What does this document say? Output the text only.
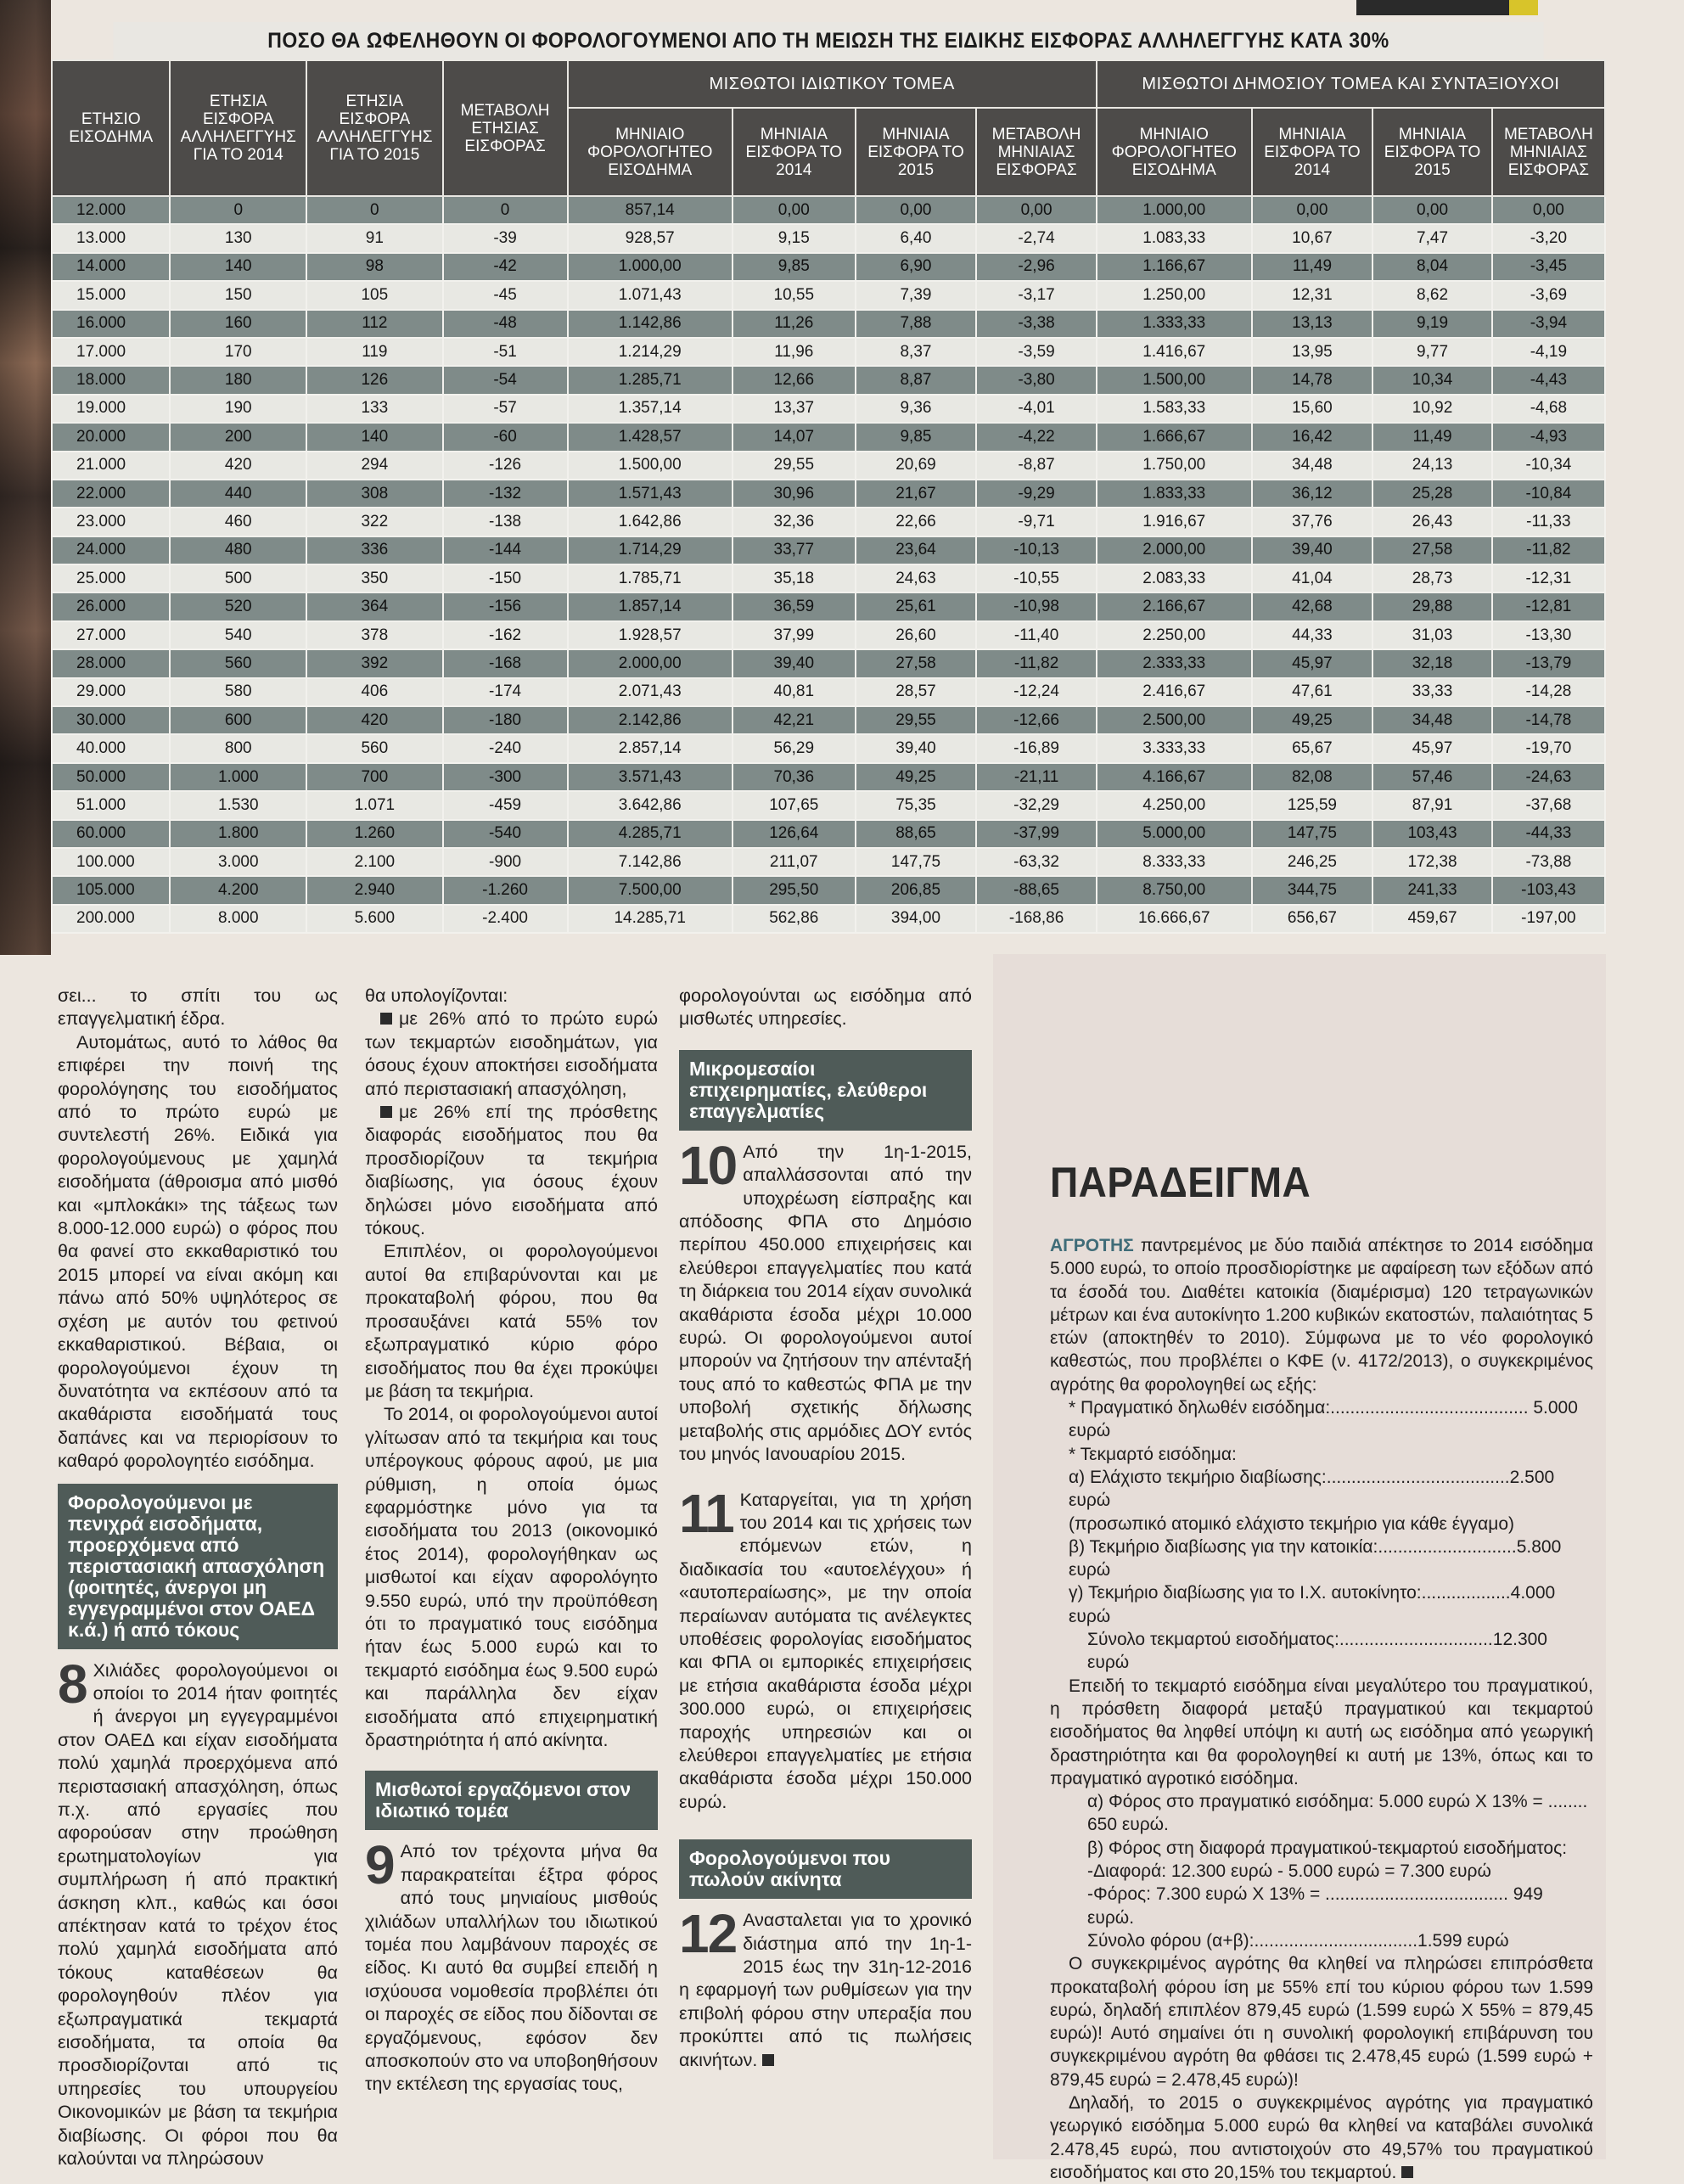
ΠΟΣΟ ΘΑ ΩΦΕΛΗΘΟΥΝ ΟΙ ΦΟΡΟΛΟΓΟΥΜΕΝΟΙ ΑΠΟ ΤΗ ΜΕΙΩΣΗ ΤΗΣ ΕΙΔΙΚΗΣ ΕΙΣΦΟΡΑΣ ΑΛΛΗΛΕΓΓΥΗΣ ΚΑΤΑ 30%
ΕΤΗΣΙΟ ΕΙΣΟΔΗΜΑ	ΕΤΗΣΙΑ ΕΙΣΦΟΡΑ ΑΛΛΗΛΕΓΓΥΗΣ ΓΙΑ ΤΟ 2014	ΕΤΗΣΙΑ ΕΙΣΦΟΡΑ ΑΛΛΗΛΕΓΓΥΗΣ ΓΙΑ ΤΟ 2015	ΜΕΤΑΒΟΛΗ ΕΤΗΣΙΑΣ ΕΙΣΦΟΡΑΣ	ΜΙΣΘΩΤΟΙ ΙΔΙΩΤΙΚΟΥ ΤΟΜΕΑ				ΜΙΣΘΩΤΟΙ ΔΗΜΟΣΙΟΥ ΤΟΜΕΑ ΚΑΙ ΣΥΝΤΑΞΙΟΥΧΟΙ			
				ΜΗΝΙΑΙΟ ΦΟΡΟΛΟΓΗΤΕΟ ΕΙΣΟΔΗΜΑ	ΜΗΝΙΑΙΑ ΕΙΣΦΟΡΑ ΤΟ 2014	ΜΗΝΙΑΙΑ ΕΙΣΦΟΡΑ ΤΟ 2015	ΜΕΤΑΒΟΛΗ ΜΗΝΙΑΙΑΣ ΕΙΣΦΟΡΑΣ	ΜΗΝΙΑΙΟ ΦΟΡΟΛΟΓΗΤΕΟ ΕΙΣΟΔΗΜΑ	ΜΗΝΙΑΙΑ ΕΙΣΦΟΡΑ ΤΟ 2014	ΜΗΝΙΑΙΑ ΕΙΣΦΟΡΑ ΤΟ 2015	ΜΕΤΑΒΟΛΗ ΜΗΝΙΑΙΑΣ ΕΙΣΦΟΡΑΣ
12.000	0	0	0	857,14	0,00	0,00	0,00	1.000,00	0,00	0,00	0,00
13.000	130	91	-39	928,57	9,15	6,40	-2,74	1.083,33	10,67	7,47	-3,20
14.000	140	98	-42	1.000,00	9,85	6,90	-2,96	1.166,67	11,49	8,04	-3,45
15.000	150	105	-45	1.071,43	10,55	7,39	-3,17	1.250,00	12,31	8,62	-3,69
16.000	160	112	-48	1.142,86	11,26	7,88	-3,38	1.333,33	13,13	9,19	-3,94
17.000	170	119	-51	1.214,29	11,96	8,37	-3,59	1.416,67	13,95	9,77	-4,19
18.000	180	126	-54	1.285,71	12,66	8,87	-3,80	1.500,00	14,78	10,34	-4,43
19.000	190	133	-57	1.357,14	13,37	9,36	-4,01	1.583,33	15,60	10,92	-4,68
20.000	200	140	-60	1.428,57	14,07	9,85	-4,22	1.666,67	16,42	11,49	-4,93
21.000	420	294	-126	1.500,00	29,55	20,69	-8,87	1.750,00	34,48	24,13	-10,34
22.000	440	308	-132	1.571,43	30,96	21,67	-9,29	1.833,33	36,12	25,28	-10,84
23.000	460	322	-138	1.642,86	32,36	22,66	-9,71	1.916,67	37,76	26,43	-11,33
24.000	480	336	-144	1.714,29	33,77	23,64	-10,13	2.000,00	39,40	27,58	-11,82
25.000	500	350	-150	1.785,71	35,18	24,63	-10,55	2.083,33	41,04	28,73	-12,31
26.000	520	364	-156	1.857,14	36,59	25,61	-10,98	2.166,67	42,68	29,88	-12,81
27.000	540	378	-162	1.928,57	37,99	26,60	-11,40	2.250,00	44,33	31,03	-13,30
28.000	560	392	-168	2.000,00	39,40	27,58	-11,82	2.333,33	45,97	32,18	-13,79
29.000	580	406	-174	2.071,43	40,81	28,57	-12,24	2.416,67	47,61	33,33	-14,28
30.000	600	420	-180	2.142,86	42,21	29,55	-12,66	2.500,00	49,25	34,48	-14,78
40.000	800	560	-240	2.857,14	56,29	39,40	-16,89	3.333,33	65,67	45,97	-19,70
50.000	1.000	700	-300	3.571,43	70,36	49,25	-21,11	4.166,67	82,08	57,46	-24,63
51.000	1.530	1.071	-459	3.642,86	107,65	75,35	-32,29	4.250,00	125,59	87,91	-37,68
60.000	1.800	1.260	-540	4.285,71	126,64	88,65	-37,99	5.000,00	147,75	103,43	-44,33
100.000	3.000	2.100	-900	7.142,86	211,07	147,75	-63,32	8.333,33	246,25	172,38	-73,88
105.000	4.200	2.940	-1.260	7.500,00	295,50	206,85	-88,65	8.750,00	344,75	241,33	-103,43
200.000	8.000	5.600	-2.400	14.285,71	562,86	394,00	-168,86	16.666,67	656,67	459,67	-197,00

σει... το σπίτι του ως επαγγελματική έδρα.

Αυτομάτως, αυτό το λάθος θα επιφέρει την ποινή της φορολόγησης του εισοδήματος από το πρώτο ευρώ με συντελεστή 26%. Ειδικά για φορολογούμενους με χαμηλά εισοδήματα (άθροισμα από μισθό και «μπλοκάκι» της τάξεως των 8.000-12.000 ευρώ) ο φόρος που θα φανεί στο εκκαθαριστικό του 2015 μπορεί να είναι ακόμη και πάνω από 50% υψηλότερος σε σχέση με αυτόν του φετινού εκκαθαριστικού. Βέβαια, οι φορολογούμενοι έχουν τη δυνατότητα να εκπέσουν από τα ακαθάριστα εισοδήματά τους δαπάνες και να περιορίσουν το καθαρό φορολογητέο εισόδημα.

Φορολογούμενοι με πενιχρά εισοδήματα, προερχόμενα από περιστασιακή απασχόληση (φοιτητές, άνεργοι μη εγγεγραμμένοι στον ΟΑΕΔ κ.ά.) ή από τόκους

8 Χιλιάδες φορολογούμενοι οι οποίοι το 2014 ήταν φοιτητές ή άνεργοι μη εγγεγραμμένοι στον ΟΑΕΔ και είχαν εισοδήματα πολύ χαμηλά προερχόμενα από περιστασιακή απασχόληση, όπως π.χ. από εργασίες που αφορούσαν στην προώθηση ερωτηματολογίων για συμπλήρωση ή από πρακτική άσκηση κλπ., καθώς και όσοι απέκτησαν κατά το τρέχον έτος πολύ χαμηλά εισοδήματα από τόκους καταθέσεων θα φορολογηθούν πλέον για εξωπραγματικά τεκμαρτά εισοδήματα, τα οποία θα προσδιορίζονται από τις υπηρεσίες του υπουργείου Οικονομικών με βάση τα τεκμήρια διαβίωσης. Οι φόροι που θα καλούνται να πληρώσουν

θα υπολογίζονται:

με 26% από το πρώτο ευρώ των τεκμαρτών εισοδημάτων, για όσους έχουν αποκτήσει εισοδήματα από περιστασιακή απασχόληση,

με 26% επί της πρόσθετης διαφοράς εισοδήματος που θα προσδιορίζουν τα τεκμήρια διαβίωσης, για όσους έχουν δηλώσει μόνο εισοδήματα από τόκους.

Επιπλέον, οι φορολογούμενοι αυτοί θα επιβαρύνονται και με προκαταβολή φόρου, που θα προσαυξάνει κατά 55% τον εξωπραγματικό κύριο φόρο εισοδήματος που θα έχει προκύψει με βάση τα τεκμήρια.

Το 2014, οι φορολογούμενοι αυτοί γλίτωσαν από τα τεκμήρια και τους υπέρογκους φόρους αφού, με μια ρύθμιση, η οποία όμως εφαρμόστηκε μόνο για τα εισοδήματα του 2013 (οικονομικό έτος 2014), φορολογήθηκαν ως μισθωτοί και είχαν αφορολόγητο 9.550 ευρώ, υπό την προϋπόθεση ότι το πραγματικό τους εισόδημα ήταν έως 5.000 ευρώ και το τεκμαρτό εισόδημα έως 9.500 ευρώ και παράλληλα δεν είχαν εισοδήματα από επιχειρηματική δραστηριότητα ή από ακίνητα.

Μισθωτοί εργαζόμενοι στον ιδιωτικό τομέα

9 Από τον τρέχοντα μήνα θα παρακρατείται έξτρα φόρος από τους μηνιαίους μισθούς χιλιάδων υπαλλήλων του ιδιωτικού τομέα που λαμβάνουν παροχές σε είδος. Κι αυτό θα συμβεί επειδή η ισχύουσα νομοθεσία προβλέπει ότι οι παροχές σε είδος που δίδονται σε εργαζόμενους, εφόσον δεν αποσκοπούν στο να υποβοηθήσουν την εκτέλεση της εργασίας τους,

φορολογούνται ως εισόδημα από μισθωτές υπηρεσίες.

Μικρομεσαίοι επιχειρηματίες, ελεύθεροι επαγγελματίες

10 Από την 1η-1-2015, απαλλάσσονται από την υποχρέωση είσπραξης και απόδοσης ΦΠΑ στο Δημόσιο περίπου 450.000 επιχειρήσεις και ελεύθεροι επαγγελματίες που κατά τη διάρκεια του 2014 είχαν συνολικά ακαθάριστα έσοδα μέχρι 10.000 ευρώ. Οι φορολογούμενοι αυτοί μπορούν να ζητήσουν την απένταξή τους από το καθεστώς ΦΠΑ με την υποβολή σχετικής δήλωσης μεταβολής στις αρμόδιες ΔΟΥ εντός του μηνός Ιανουαρίου 2015.

11 Καταργείται, για τη χρήση του 2014 και τις χρήσεις των επόμενων ετών, η διαδικασία του «αυτοελέγχου» ή «αυτοπεραίωσης», με την οποία περαίωναν αυτόματα τις ανέλεγκτες υποθέσεις φορολογίας εισοδήματος και ΦΠΑ οι εμπορικές επιχειρήσεις με ετήσια ακαθάριστα έσοδα μέχρι 300.000 ευρώ, οι επιχειρήσεις παροχής υπηρεσιών και οι ελεύθεροι επαγγελματίες με ετήσια ακαθάριστα έσοδα μέχρι 150.000 ευρώ.

Φορολογούμενοι που πωλούν ακίνητα

12 Ανασταλεται για το χρονικό διάστημα από την 1η-1-2015 έως την 31η-12-2016 η εφαρμογή των ρυθμίσεων για την επιβολή φόρου στην υπεραξία που προκύπτει από τις πωλήσεις ακινήτων.

ΠΑΡΑΔΕΙΓΜΑ

ΑΓΡΟΤΗΣ παντρεμένος με δύο παιδιά απέκτησε το 2014 εισόδημα 5.000 ευρώ, το οποίο προσδιορίστηκε με αφαίρεση των εξόδων από τα έσοδά του. Διαθέτει κατοικία (διαμέρισμα) 120 τετραγωνικών μέτρων και ένα αυτοκίνητο 1.200 κυβικών εκατοστών, παλαιότητας 5 ετών (αποκτηθέν το 2010). Σύμφωνα με το νέο φορολογικό καθεστώς, που προβλέπει ο ΚΦΕ (ν. 4172/2013), ο συγκεκριμένος αγρότης θα φορολογηθεί ως εξής:

* Πραγματικό δηλωθέν εισόδημα:........................................ 5.000 ευρώ

* Τεκμαρτό εισόδημα:

α) Ελάχιστο τεκμήριο διαβίωσης:.....................................2.500 ευρώ

(προσωπικό ατομικό ελάχιστο τεκμήριο για κάθε έγγαμο)

β) Τεκμήριο διαβίωσης για την κατοικία:............................5.800 ευρώ

γ) Τεκμήριο διαβίωσης για το Ι.Χ. αυτοκίνητο:..................4.000 ευρώ

Σύνολο τεκμαρτού εισοδήματος:...............................12.300 ευρώ

Επειδή το τεκμαρτό εισόδημα είναι μεγαλύτερο του πραγματικού, η πρόσθετη διαφορά μεταξύ πραγματικού και τεκμαρτού εισοδήματος θα ληφθεί υπόψη κι αυτή ως εισόδημα από γεωργική δραστηριότητα και θα φορολογηθεί κι αυτή με 13%, όπως και το πραγματικό αγροτικό εισόδημα.

α) Φόρος στο πραγματικό εισόδημα: 5.000 ευρώ X 13% = ........ 650 ευρώ.

β) Φόρος στη διαφορά πραγματικού-τεκμαρτού εισοδήματος:

-Διαφορά: 12.300 ευρώ - 5.000 ευρώ = 7.300 ευρώ

-Φόρος: 7.300 ευρώ X 13% = ..................................... 949 ευρώ.

Σύνολο φόρου (α+β):.................................1.599 ευρώ

Ο συγκεκριμένος αγρότης θα κληθεί να πληρώσει επιπρόσθετα προκαταβολή φόρου ίση με 55% επί του κύριου φόρου των 1.599 ευρώ, δηλαδή επιπλέον 879,45 ευρώ (1.599 ευρώ X 55% = 879,45 ευρώ)! Αυτό σημαίνει ότι η συνολική φορολογική επιβάρυνση του συγκεκριμένου αγρότη θα φθάσει τις 2.478,45 ευρώ (1.599 ευρώ + 879,45 ευρώ = 2.478,45 ευρώ)!

Δηλαδή, το 2015 ο συγκεκριμένος αγρότης για πραγματικό γεωργικό εισόδημα 5.000 ευρώ θα κληθεί να καταβάλει συνολικά 2.478,45 ευρώ, που αντιστοιχούν στο 49,57% του πραγματικού εισοδήματος και στο 20,15% του τεκμαρτού.
